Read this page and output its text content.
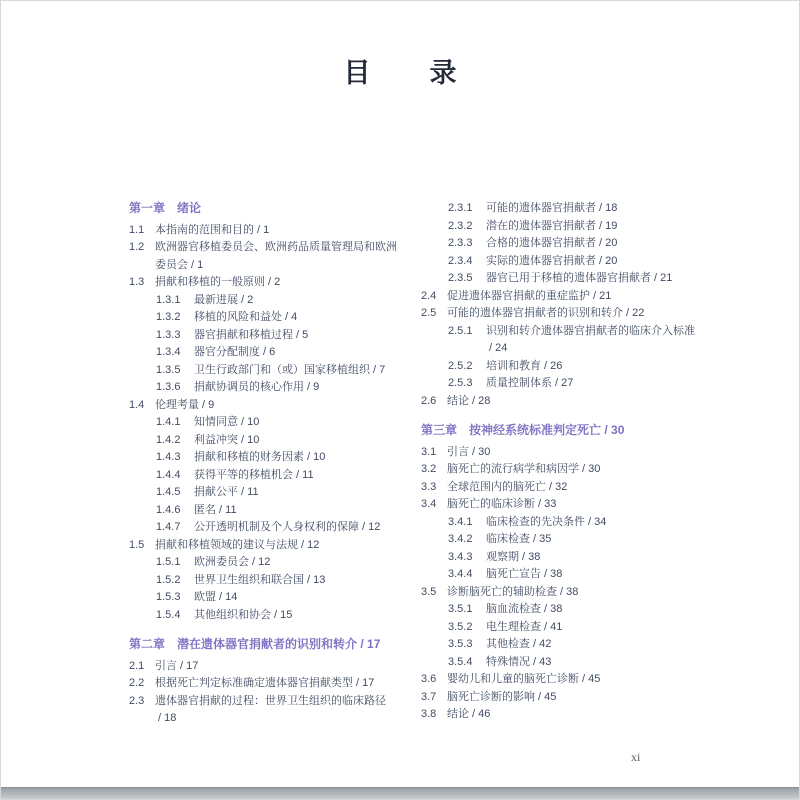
目　录
第一章　绪论
1.1 本指南的范围和目的 / 1
1.2 欧洲器官移植委员会、欧洲药品质量管理局和欧洲委员会 / 1
1.3 捐献和移植的一般原则 / 2
1.3.1 最新进展 / 2
1.3.2 移植的风险和益处 / 4
1.3.3 器官捐献和移植过程 / 5
1.3.4 器官分配制度 / 6
1.3.5 卫生行政部门和（或）国家移植组织 / 7
1.3.6 捐献协调员的核心作用 / 9
1.4 伦理考量 / 9
1.4.1 知情同意 / 10
1.4.2 利益冲突 / 10
1.4.3 捐献和移植的财务因素 / 10
1.4.4 获得平等的移植机会 / 11
1.4.5 捐献公平 / 11
1.4.6 匿名 / 11
1.4.7 公开透明机制及个人身权利的保障 / 12
1.5 捐献和移植领域的建议与法规 / 12
1.5.1 欧洲委员会 / 12
1.5.2 世界卫生组织和联合国 / 13
1.5.3 欧盟 / 14
1.5.4 其他组织和协会 / 15
第二章　潜在遗体器官捐献者的识别和转介 / 17
2.1 引言 / 17
2.2 根据死亡判定标准确定遗体器官捐献类型 / 17
2.3 遗体器官捐献的过程：世界卫生组织的临床路径 / 18
2.3.1 可能的遗体器官捐献者 / 18
2.3.2 潜在的遗体器官捐献者 / 19
2.3.3 合格的遗体器官捐献者 / 20
2.3.4 实际的遗体器官捐献者 / 20
2.3.5 器官已用于移植的遗体器官捐献者 / 21
2.4 促进遗体器官捐献的重症监护 / 21
2.5 可能的遗体器官捐献者的识别和转介 / 22
2.5.1 识别和转介遗体器官捐献者的临床介入标准 / 24
2.5.2 培训和教育 / 26
2.5.3 质量控制体系 / 27
2.6 结论 / 28
第三章　按神经系统标准判定死亡 / 30
3.1 引言 / 30
3.2 脑死亡的流行病学和病因学 / 30
3.3 全球范围内的脑死亡 / 32
3.4 脑死亡的临床诊断 / 33
3.4.1 临床检查的先决条件 / 34
3.4.2 临床检查 / 35
3.4.3 观察期 / 38
3.4.4 脑死亡宣告 / 38
3.5 诊断脑死亡的辅助检查 / 38
3.5.1 脑血流检查 / 38
3.5.2 电生理检查 / 41
3.5.3 其他检查 / 42
3.5.4 特殊情况 / 43
3.6 婴幼儿和儿童的脑死亡诊断 / 45
3.7 脑死亡诊断的影响 / 45
3.8 结论 / 46
xi
